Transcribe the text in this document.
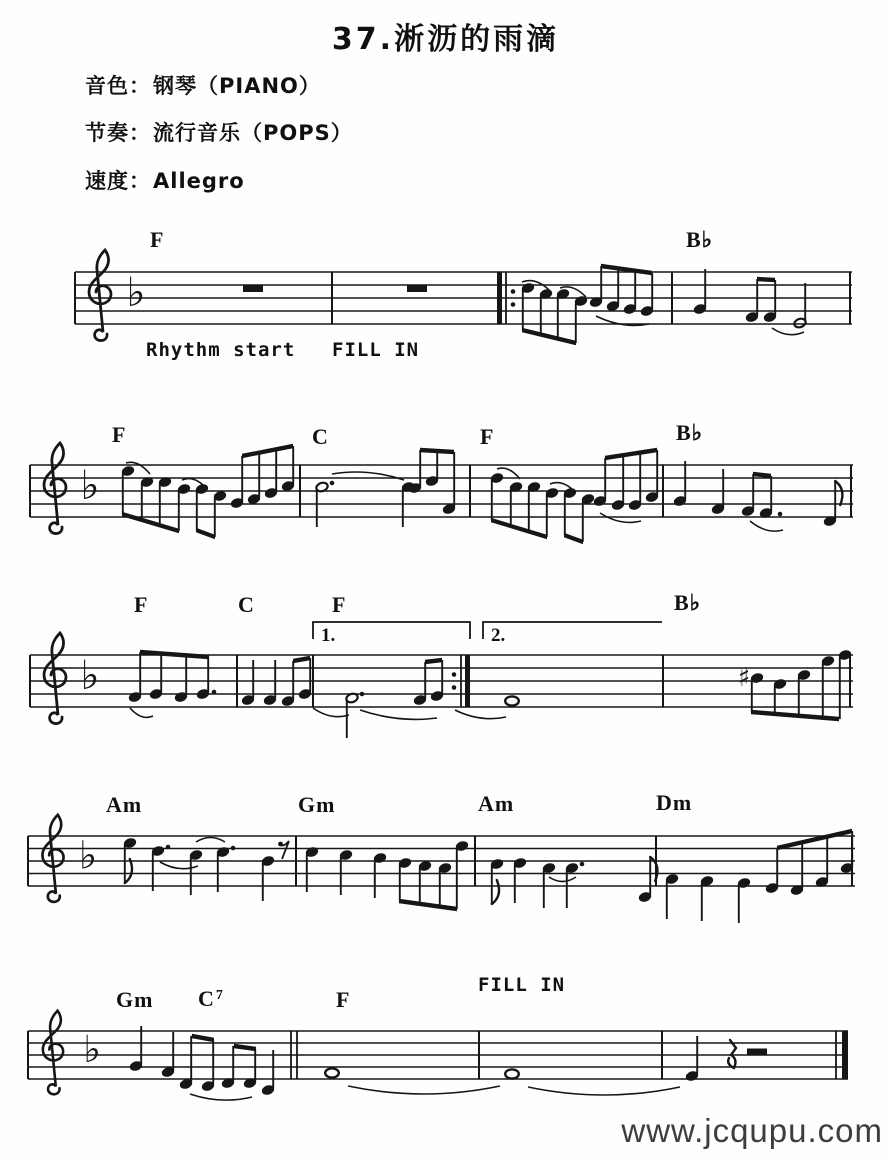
37.淅沥的雨滴
音色：钢琴（PIANO）
节奏：流行音乐（POPS）
速度：Allegro
♭
♭
♭	♯
♭
♭
F	B♭
Rhythm start FILL IN
F	C	F	B♭
1.	2.
F	C	F	B♭
Am	Gm	Am	Dm
Gm $C^7$	F
FILL IN
www.jcqupu.com
